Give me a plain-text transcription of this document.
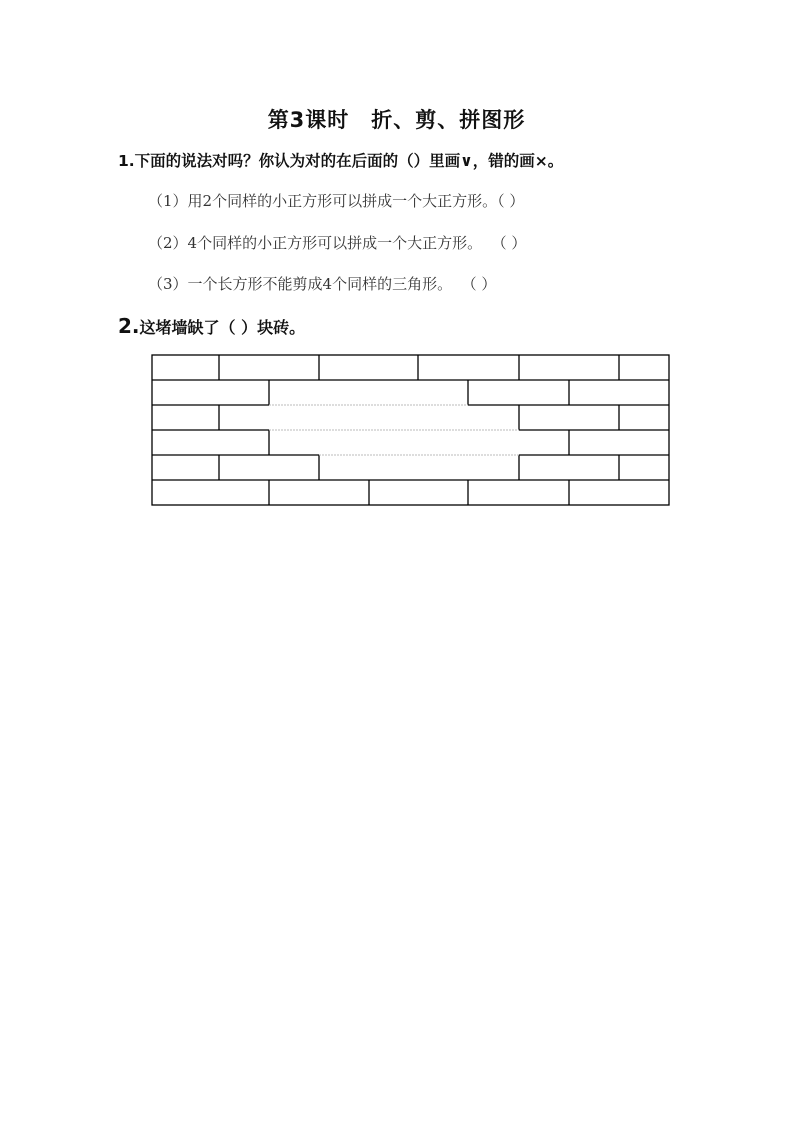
第3课时　折、剪、拼图形
1.下面的说法对吗？你认为对的在后面的（）里画∨，错的画×。
（1）用2个同样的小正方形可以拼成一个大正方形。（ ）
（2）4个同样的小正方形可以拼成一个大正方形。 （ ）
（3）一个长方形不能剪成4个同样的三角形。 （ ）
2.这堵墙缺了（ ）块砖。
